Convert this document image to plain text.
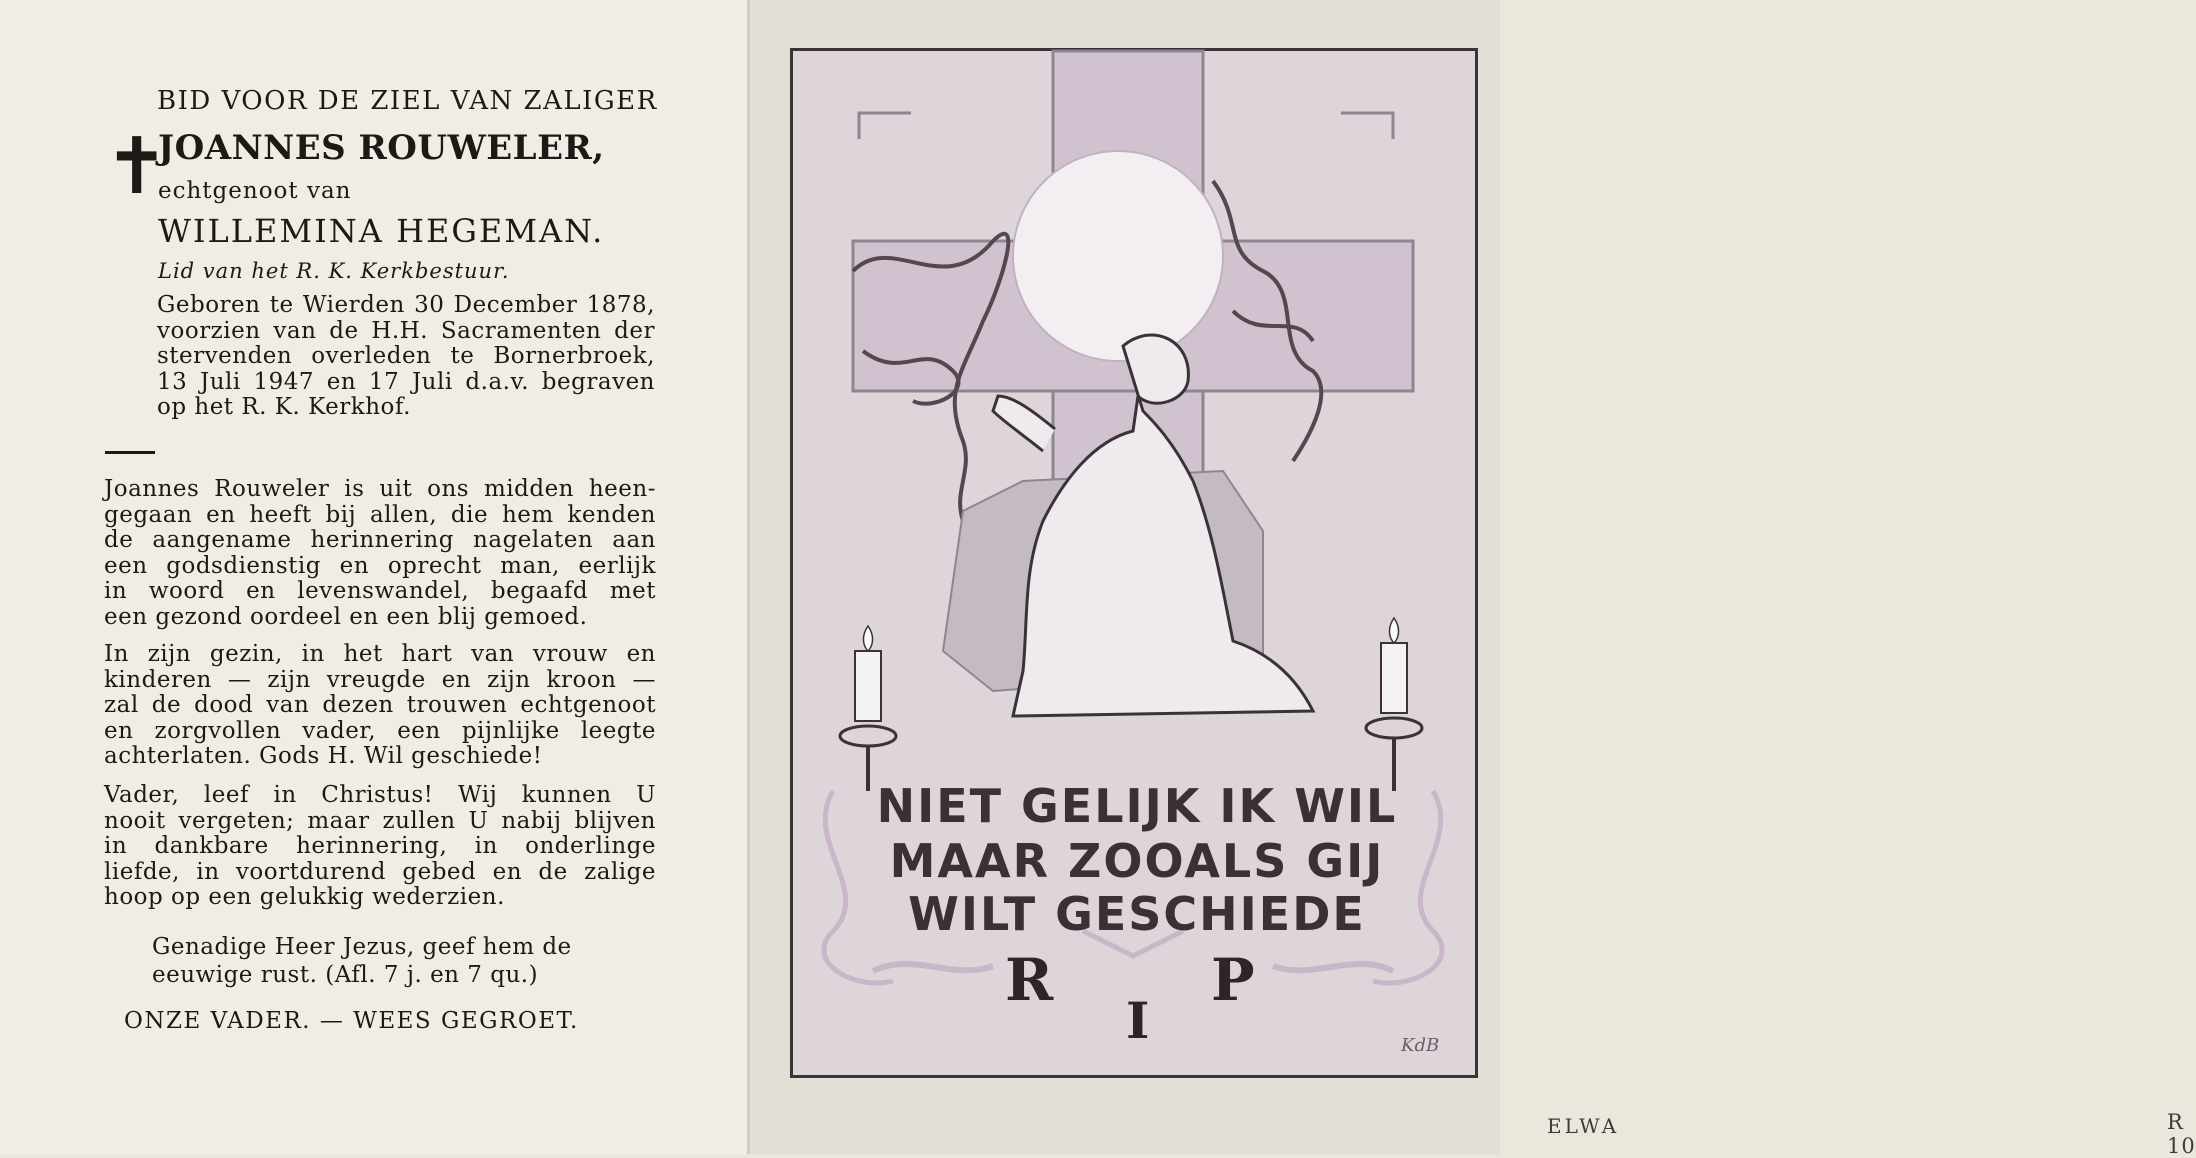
BID VOOR DE ZIEL VAN ZALIGER
✝
JOANNES ROUWELER,
echtgenoot van
WILLEMINA HEGEMAN.
Lid van het R. K. Kerkbestuur.

Geboren te Wierden 30 December 1878,
voorzien van de H.H. Sacramenten der
stervenden overleden te Bornerbroek,
13 Juli 1947 en 17 Juli d.a.v. begraven
op het R. K. Kerkhof.

Joannes Rouweler is uit ons midden heen-
gegaan en heeft bij allen, die hem kenden
de aangename herinnering nagelaten aan
een godsdienstig en oprecht man, eerlijk
in woord en levenswandel, begaafd met
een gezond oordeel en een blij gemoed.

In zijn gezin, in het hart van vrouw en
kinderen — zijn vreugde en zijn kroon —
zal de dood van dezen trouwen echtgenoot
en zorgvollen vader, een pijnlijke leegte
achterlaten. Gods H. Wil geschiede!

Vader, leef in Christus! Wij kunnen U
nooit vergeten; maar zullen U nabij blijven
in dankbare herinnering, in onderlinge
liefde, in voortdurend gebed en de zalige
hoop op een gelukkig wederzien.

Genadige Heer Jezus, geef hem de
eeuwige rust. (Afl. 7 j. en 7 qu.)
ONZE VADER. — WEES GEGROET.
ELWA	R 10
NIET GELIJK IK WIL
MAAR ZOOALS GIJ
WILT GESCHIEDE
R
I
P
KdB
